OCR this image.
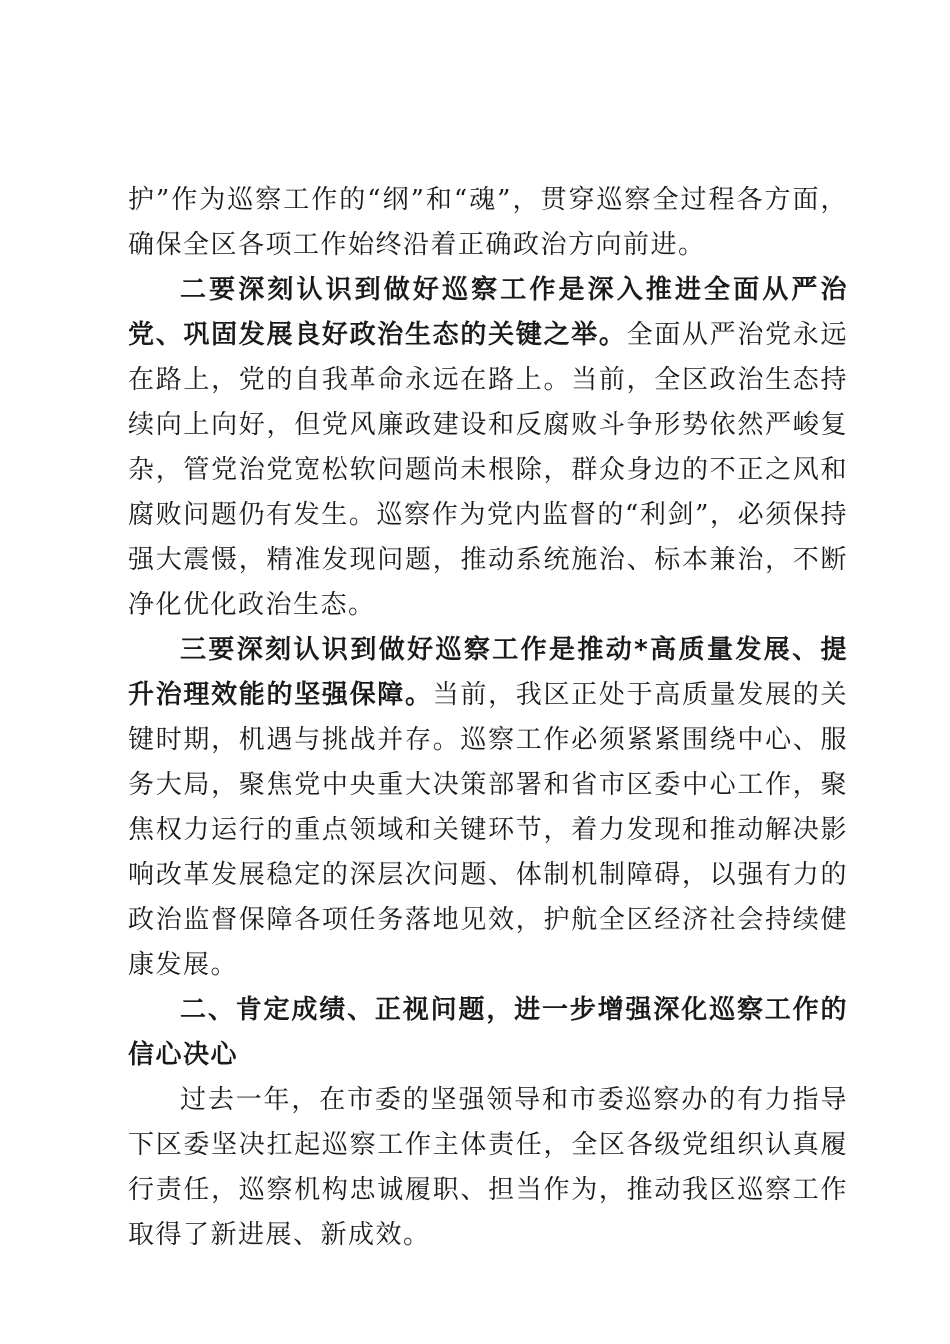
护”作为巡察工作的“纲”和“魂”，贯穿巡察全过程各方面，确保全区各项工作始终沿着正确政治方向前进。

二要深刻认识到做好巡察工作是深入推进全面从严治党、巩固发展良好政治生态的关键之举。全面从严治党永远在路上，党的自我革命永远在路上。当前，全区政治生态持续向上向好，但党风廉政建设和反腐败斗争形势依然严峻复杂，管党治党宽松软问题尚未根除，群众身边的不正之风和腐败问题仍有发生。巡察作为党内监督的“利剑”，必须保持强大震慑，精准发现问题，推动系统施治、标本兼治，不断净化优化政治生态。

三要深刻认识到做好巡察工作是推动*高质量发展、提升治理效能的坚强保障。当前，我区正处于高质量发展的关键时期，机遇与挑战并存。巡察工作必须紧紧围绕中心、服务大局，聚焦党中央重大决策部署和省市区委中心工作，聚焦权力运行的重点领域和关键环节，着力发现和推动解决影响改革发展稳定的深层次问题、体制机制障碍，以强有力的政治监督保障各项任务落地见效，护航全区经济社会持续健康发展。

二、肯定成绩、正视问题，进一步增强深化巡察工作的信心决心

过去一年，在市委的坚强领导和市委巡察办的有力指导下区委坚决扛起巡察工作主体责任，全区各级党组织认真履行责任，巡察机构忠诚履职、担当作为，推动我区巡察工作取得了新进展、新成效。
